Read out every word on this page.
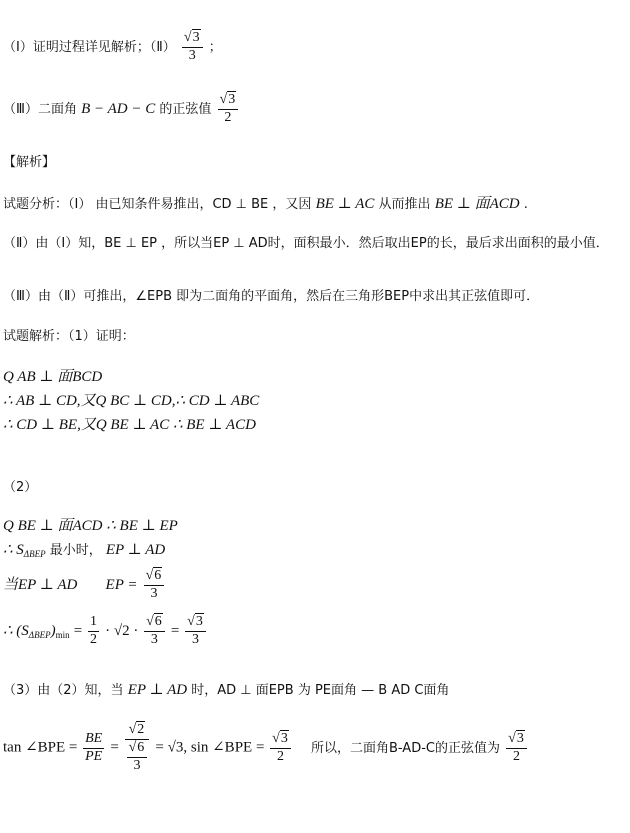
（Ⅰ）证明过程详见解析；（Ⅱ） $\frac{√3}{3}$ ；
（Ⅲ）二面角 B − AD − C 的正弦值 $\frac{√3}{2}$
【解析】
试题分析：（Ⅰ） 由已知条件易推出，CD ⊥ BE ，又因 BE ⊥ AC 从而推出 BE ⊥ 面ACD .
（Ⅱ）由（Ⅰ）知，BE ⊥ EP ，所以当EP ⊥ AD时，面积最小．然后取出EP的长，最后求出面积的最小值．
（Ⅲ）由（Ⅱ）可推出，∠EPB 即为二面角的平面角，然后在三角形BEP中求出其正弦值即可．
试题解析：（1）证明：
Q AB ⊥ 面BCD
∴ AB ⊥ CD,又Q BC ⊥ CD,∴ CD ⊥ ABC
∴ CD ⊥ BE,又Q BE ⊥ AC ∴ BE ⊥ ACD
（2）
Q BE ⊥ 面ACD ∴ BE ⊥ EP
∴ $S_{\Delta BEP}$ 最小时， EP ⊥ AD
当EP ⊥ AD EP = $\frac{√6}{3}$
∴ $(S_{\Delta BEP})_{min} = \frac{1}{2} \cdot √2 \cdot \frac{√6}{3} = \frac{√3}{3}$
（3）由（2）知，当 EP ⊥ AD 时，AD ⊥ 面EPB 为 PE面角 — B AD C面角
tan ∠BPE = $\frac{BE}{PE} = \frac{√2}{\frac{√6}{3}} = √3$, sin ∠BPE = $\frac{√3}{2}$ 所以，二面角B-AD-C的正弦值为 $\frac{√3}{2}$
